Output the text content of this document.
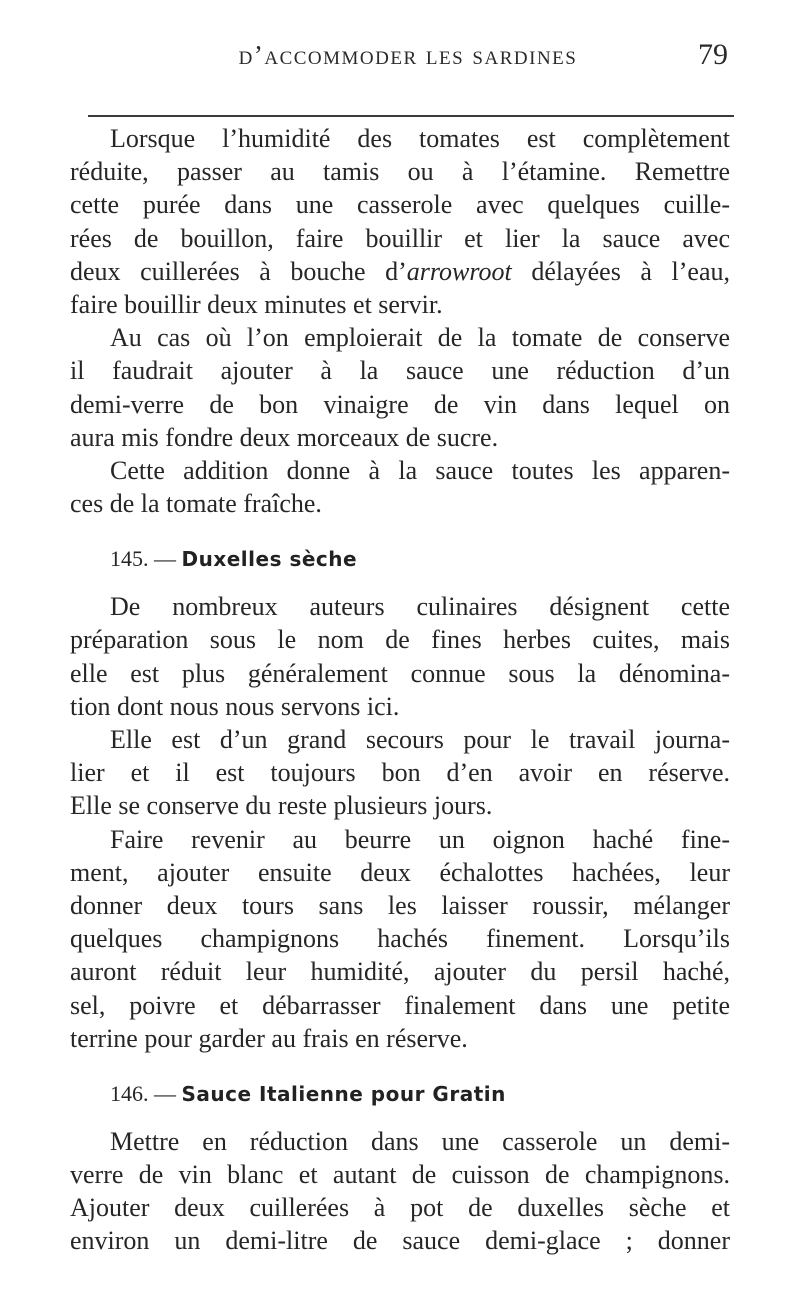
d’accommoder les sardines	79
Lorsque l’humidité des tomates est complètement
réduite, passer au tamis ou à l’étamine. Remettre
cette purée dans une casserole avec quelques cuille-
rées de bouillon, faire bouillir et lier la sauce avec
deux cuillerées à bouche d’arrowroot délayées à l’eau,
faire bouillir deux minutes et servir.
Au cas où l’on emploierait de la tomate de conserve
il faudrait ajouter à la sauce une réduction d’un
demi-verre de bon vinaigre de vin dans lequel on
aura mis fondre deux morceaux de sucre.
Cette addition donne à la sauce toutes les apparen-
ces de la tomate fraîche.
145. — Duxelles sèche
De nombreux auteurs culinaires désignent cette
préparation sous le nom de fines herbes cuites, mais
elle est plus généralement connue sous la dénomina-
tion dont nous nous servons ici.
Elle est d’un grand secours pour le travail journa-
lier et il est toujours bon d’en avoir en réserve.
Elle se conserve du reste plusieurs jours.
Faire revenir au beurre un oignon haché fine-
ment, ajouter ensuite deux échalottes hachées, leur
donner deux tours sans les laisser roussir, mélanger
quelques champignons hachés finement. Lorsqu’ils
auront réduit leur humidité, ajouter du persil haché,
sel, poivre et débarrasser finalement dans une petite
terrine pour garder au frais en réserve.
146. — Sauce Italienne pour Gratin
Mettre en réduction dans une casserole un demi-
verre de vin blanc et autant de cuisson de champignons.
Ajouter deux cuillerées à pot de duxelles sèche et
environ un demi-litre de sauce demi-glace ; donner
